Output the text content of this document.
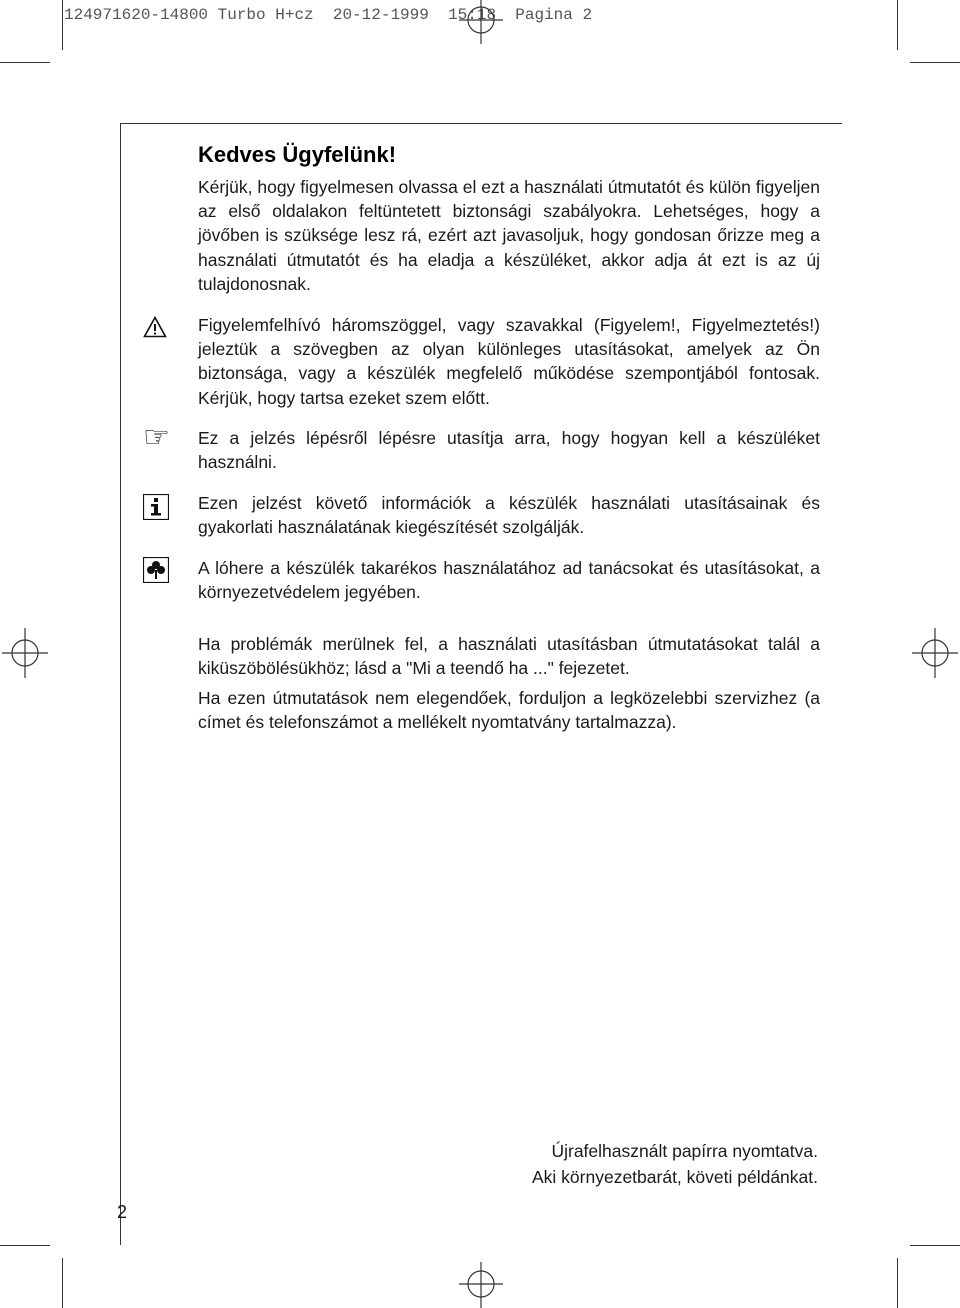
124971620-14800 Turbo H+cz  20-12-1999  15:18  Pagina 2
Kedves Ügyfelünk!

Kérjük, hogy figyelmesen olvassa el ezt a használati útmutatót és külön figyeljen az első oldalakon feltüntetett biztonsági szabályokra. Lehetséges, hogy a jövőben is szüksége lesz rá, ezért azt javasoljuk, hogy gondosan őrizze meg a használati útmutatót és ha eladja a készüléket, akkor adja át ezt is az új tulajdonosnak.

Figyelemfelhívó háromszöggel, vagy szavakkal (Figyelem!, Figyelmeztetés!) jeleztük a szövegben az olyan különleges utasításokat, amelyek az Ön biztonsága, vagy a készülék megfelelő működése szempontjából fontosak. Kérjük, hogy tartsa ezeket szem előtt.

☞ Ez a jelzés lépésről lépésre utasítja arra, hogy hogyan kell a készüléket használni.

Ezen jelzést követő információk a készülék használati utasításainak és gyakorlati használatának kiegészítését szolgálják.

A lóhere a készülék takarékos használatához ad tanácsokat és utasításokat, a környezetvédelem jegyében.

Ha problémák merülnek fel, a használati utasításban útmutatásokat talál a kiküszöbölésükhöz; lásd a "Mi a teendő ha ..." fejezetet.

Ha ezen útmutatások nem elegendőek, forduljon a legközelebbi szervizhez (a címet és telefonszámot a mellékelt nyomtatvány tartalmazza).

Újrafelhasznált papírra nyomtatva.
Aki környezetbarát, követi példánkat.
2
